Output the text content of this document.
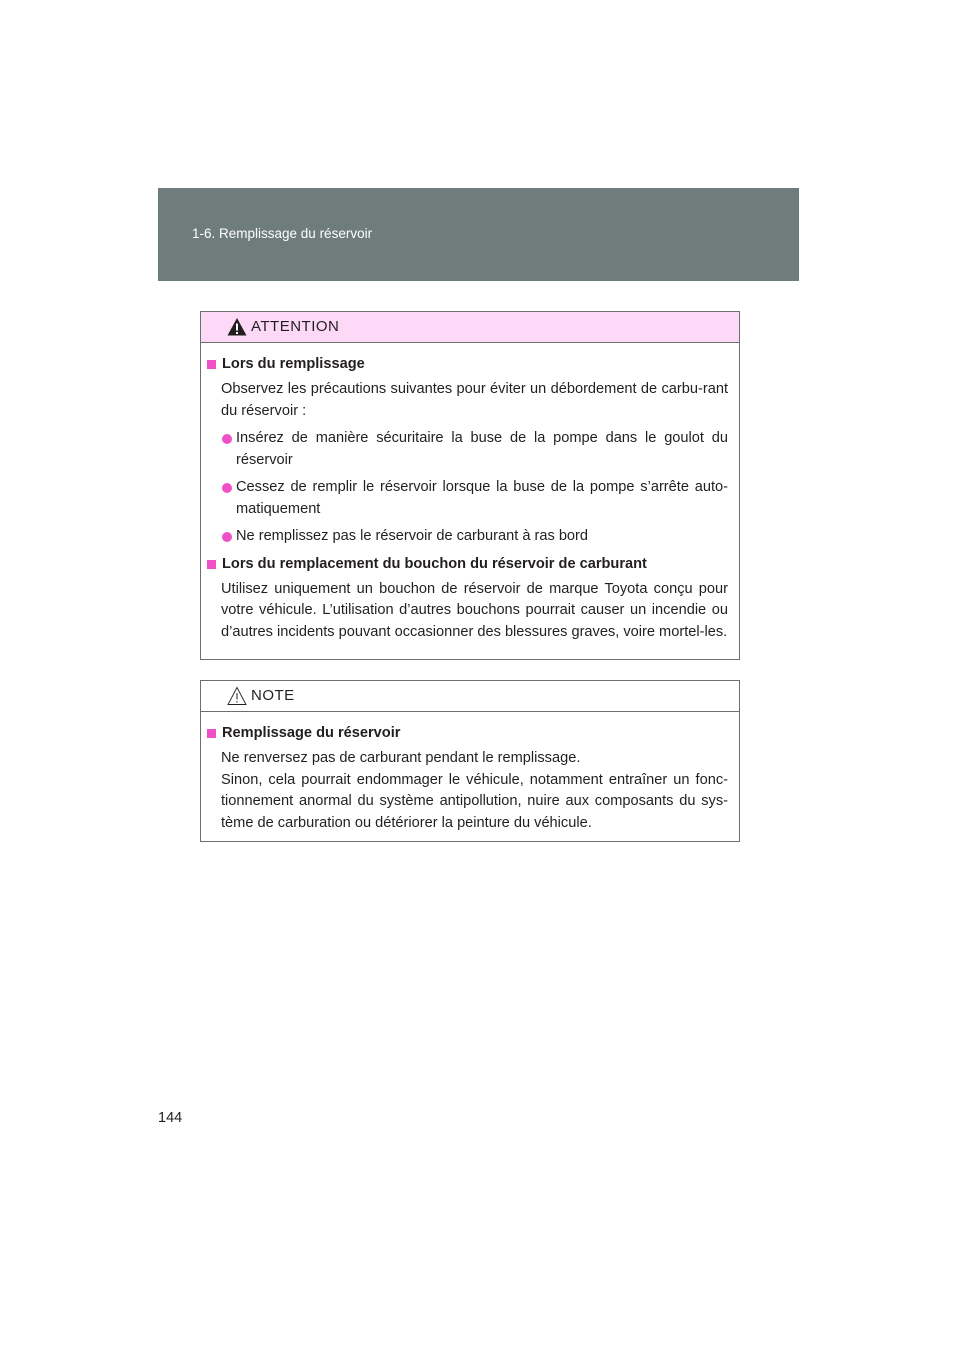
1-6. Remplissage du réservoir
ATTENTION
Lors du remplissage

Observez les précautions suivantes pour éviter un débordement de carbu-rant du réservoir :

Insérez de manière sécuritaire la buse de la pompe dans le goulot du réservoir
Cessez de remplir le réservoir lorsque la buse de la pompe s’arrête auto-matiquement
Ne remplissez pas le réservoir de carburant à ras bord
Lors du remplacement du bouchon du réservoir de carburant

Utilisez uniquement un bouchon de réservoir de marque Toyota conçu pour votre véhicule. L’utilisation d’autres bouchons pourrait causer un incendie ou d’autres incidents pouvant occasionner des blessures graves, voire mortel-les.

NOTE
Remplissage du réservoir

Ne renversez pas de carburant pendant le remplissage.

Sinon, cela pourrait endommager le véhicule, notamment entraîner un fonc-tionnement anormal du système antipollution, nuire aux composants du sys-tème de carburation ou détériorer la peinture du véhicule.

144
